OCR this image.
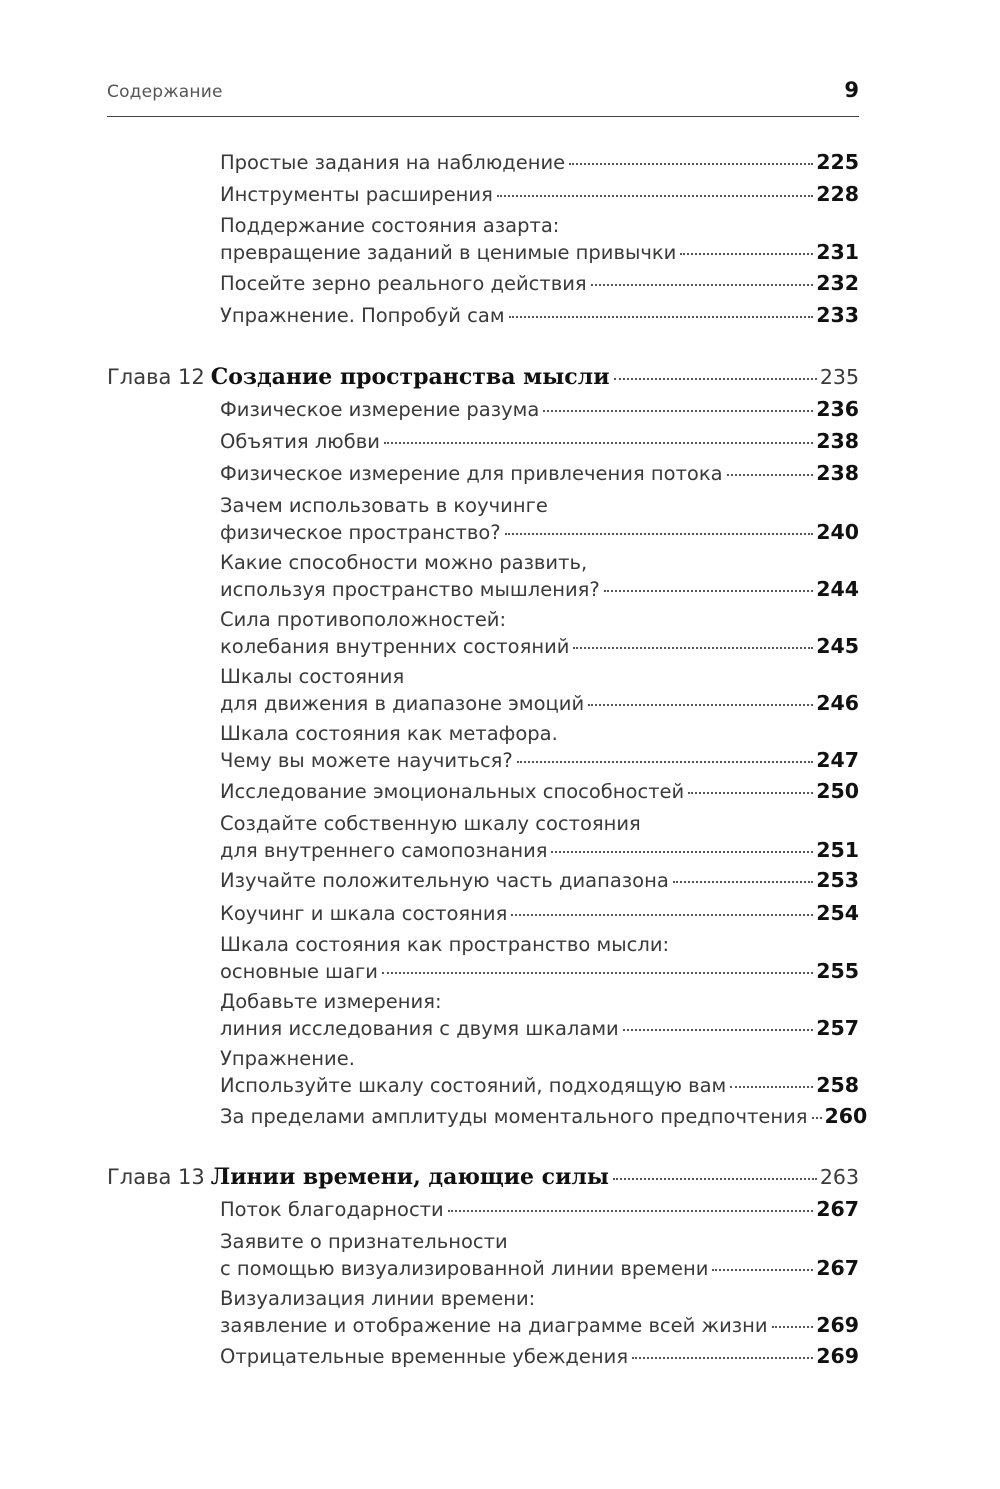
Содержание	9
Простые задания на наблюдение	225
Инструменты расширения	228
Поддержание состояния азарта:
превращение заданий в ценимые привычки	231
Посейте зерно реального действия	232
Упражнение. Попробуй сам	233
Глава 12 Создание пространства мысли	235
Физическое измерение разума	236
Объятия любви	238
Физическое измерение для привлечения потока	238
Зачем использовать в коучинге
физическое пространство?	240
Какие способности можно развить,
используя пространство мышления?	244
Сила противоположностей:
колебания внутренних состояний	245
Шкалы состояния
для движения в диапазоне эмоций	246
Шкала состояния как метафора.
Чему вы можете научиться?	247
Исследование эмоциональных способностей	250
Создайте собственную шкалу состояния
для внутреннего самопознания	251
Изучайте положительную часть диапазона	253
Коучинг и шкала состояния	254
Шкала состояния как пространство мысли:
основные шаги	255
Добавьте измерения:
линия исследования с двумя шкалами	257
Упражнение.
Используйте шкалу состояний, подходящую вам	258
За пределами амплитуды моментального предпочтения 260
Глава 13 Линии времени, дающие силы	263
Поток благодарности	267
Заявите о признательности
с помощью визуализированной линии времени	267
Визуализация линии времени:
заявление и отображение на диаграмме всей жизни 269
Отрицательные временные убеждения	269
